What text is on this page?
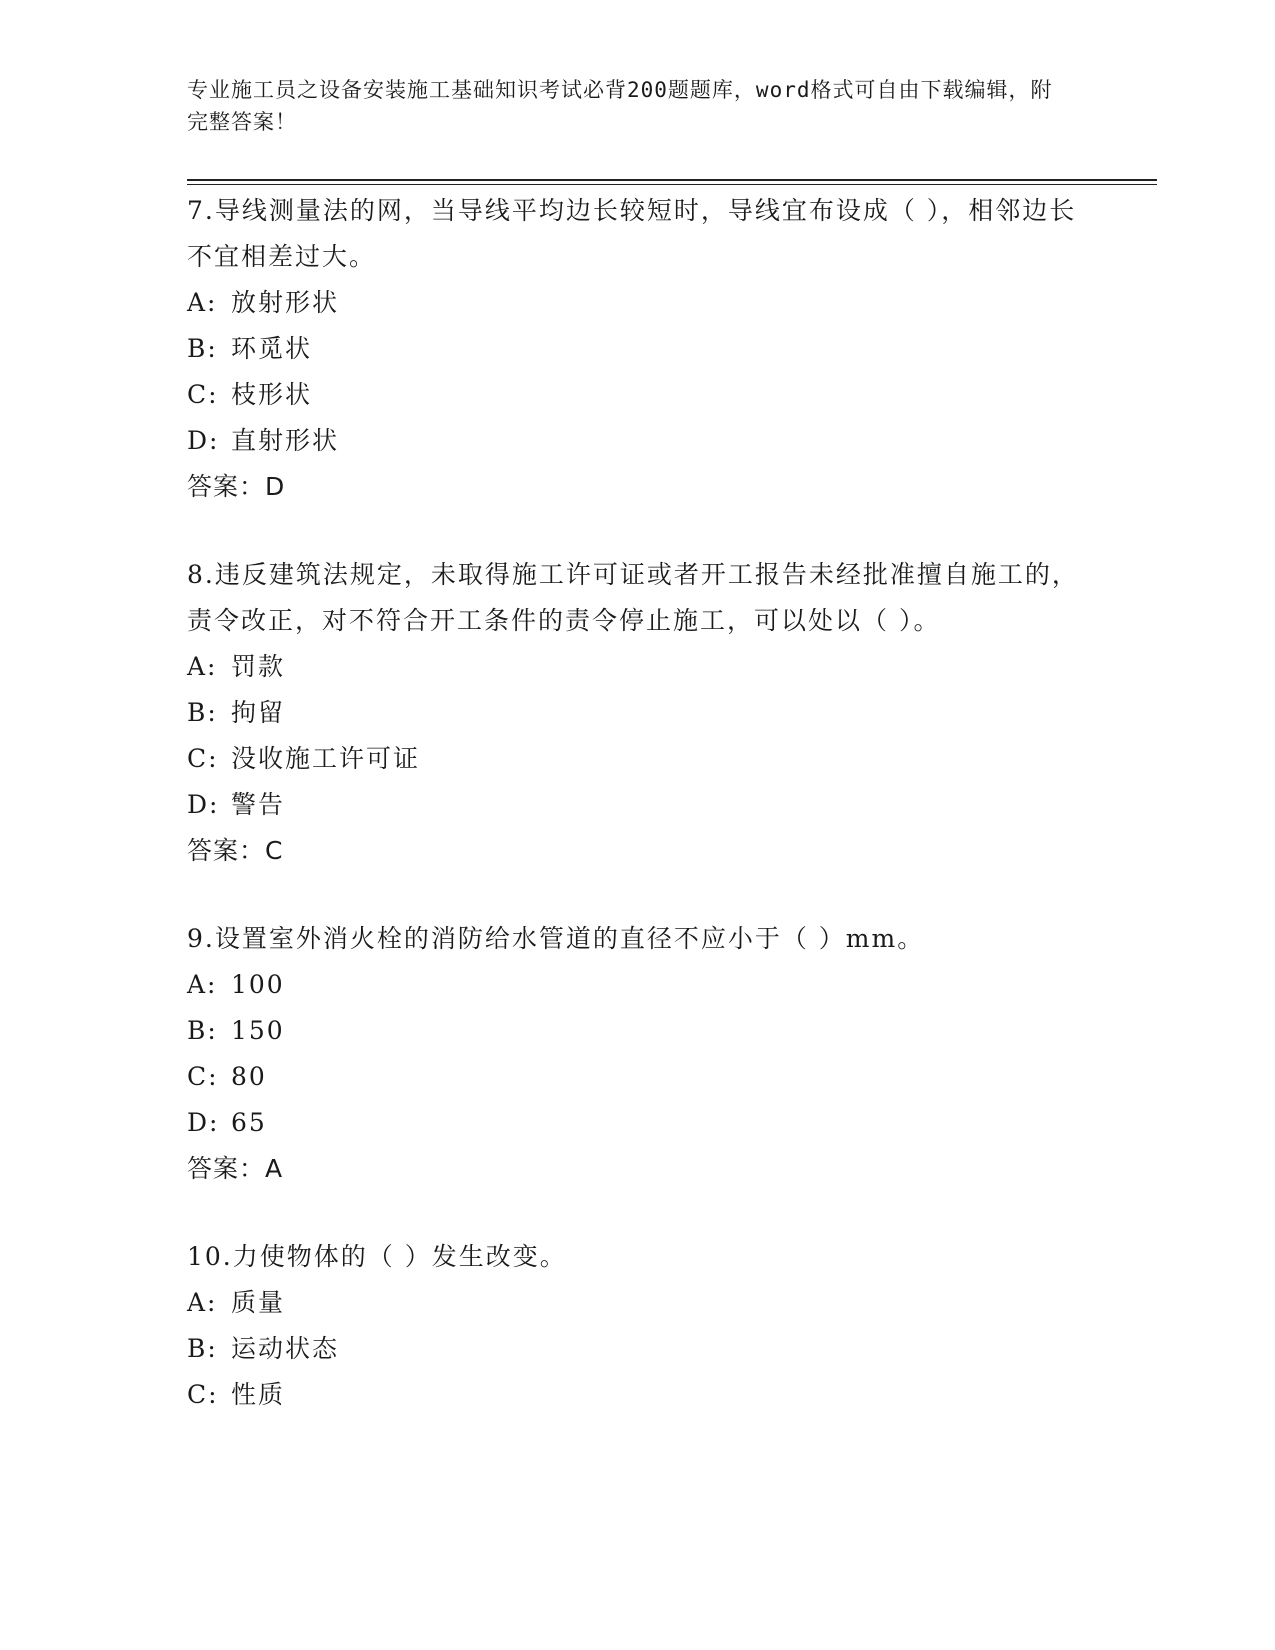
专业施工员之设备安装施工基础知识考试必背200题题库，word格式可自由下载编辑，附完整答案！
7.导线测量法的网，当导线平均边长较短时，导线宜布设成（ ），相邻边长不宜相差过大。
A: 放射形状
B: 环觅状
C: 枝形状
D: 直射形状
答案：D
8.违反建筑法规定，未取得施工许可证或者开工报告未经批准擅自施工的，责令改正，对不符合开工条件的责令停止施工，可以处以（ ）。
A: 罚款
B: 拘留
C: 没收施工许可证
D: 警告
答案：C
9.设置室外消火栓的消防给水管道的直径不应小于（ ）mm。
A: 100
B: 150
C: 80
D: 65
答案：A
10.力使物体的（ ）发生改变。
A: 质量
B: 运动状态
C: 性质
